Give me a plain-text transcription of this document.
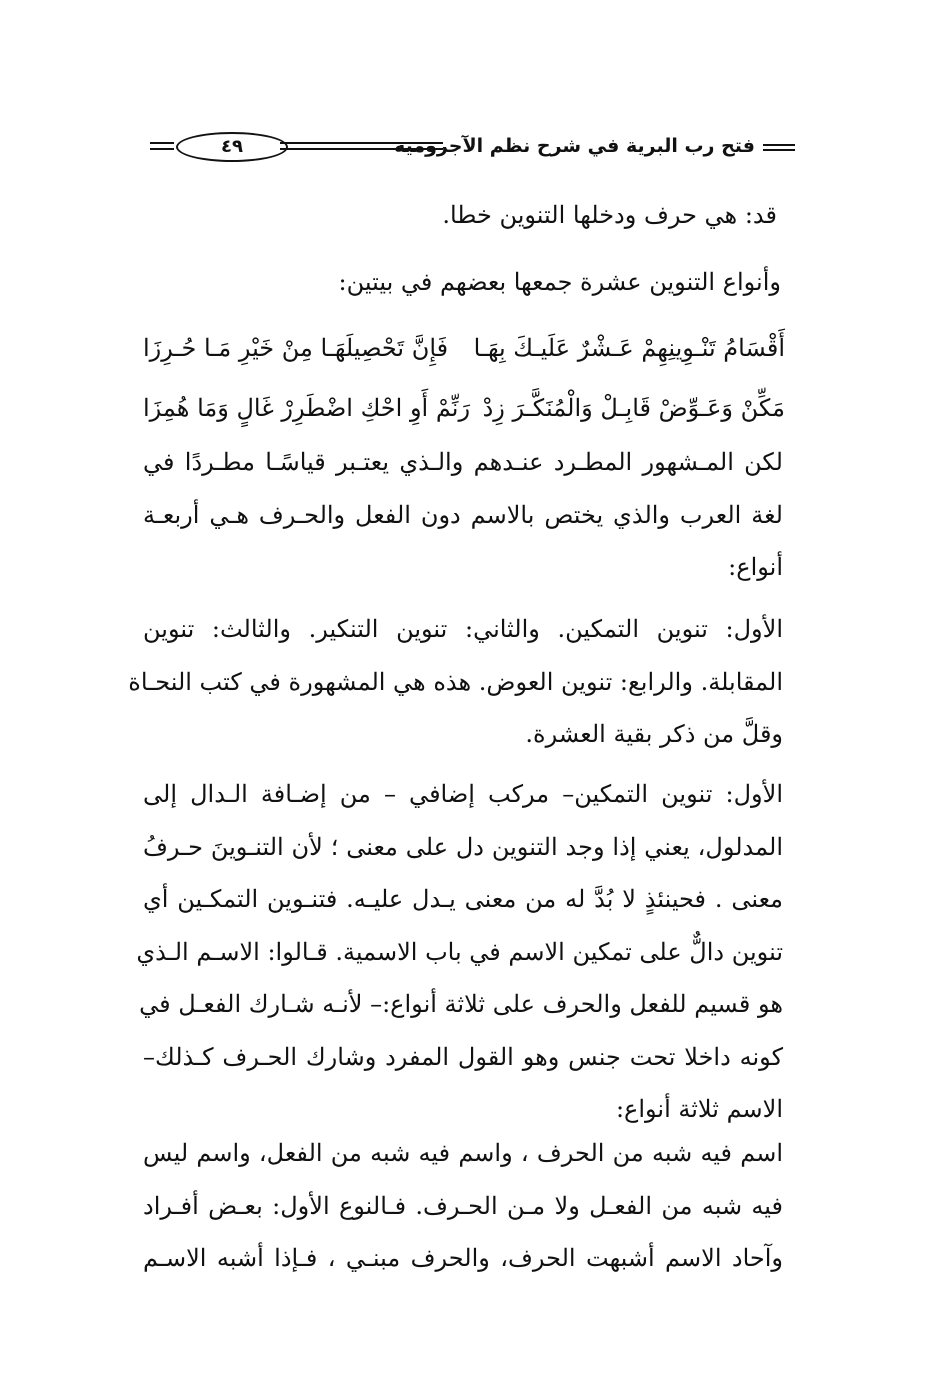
فتح رب البرية في شرح نظم الآجرومية
٤٩
قد: هي حرف ودخلها التنوين خطا.
وأنواع التنوين عشرة جمعها بعضهم في بيتين:
أَقْسَامُ تَنْـوِينِهِمْ عَـشْرٌ عَلَيـكَ بِهَـا
فَإِنَّ تَحْصِيلَهَـا مِنْ خَيْرِ مَـا حُـرِزَا
مَكِّنْ وَعَـوِّضْ قَابِـلْ وَالْمُنَكَّـرَ زِدْ
رَنِّمْ أَوِ احْكِ اضْطَرِرْ غَالٍ وَمَا هُمِزَا
لكن المـشهور المطـرد عنـدهم والـذي يعتـبر قياسًـا مطـردًا في
لغة العرب والذي يختص بالاسم دون الفعل والحـرف هـي أربعـة
أنواع:
الأول: تنوين التمكين. والثاني: تنوين التنكير. والثالث: تنوين
المقابلة. والرابع: تنوين العوض. هذه هي المشهورة في كتب النحـاة
وقلَّ من ذكر بقية العشرة.
الأول: تنوين التمكين– مركب إضافي – من إضـافة الـدال إلى
المدلول، يعني إذا وجد التنوين دل على معنى ؛ لأن التنـوينَ حـرفُ
معنى . فحينئذٍ لا بُدَّ له من معنى يـدل عليـه. فتنـوين التمكـين أي
تنوين دالٌّ على تمكين الاسم في باب الاسمية. قـالوا: الاسـم الـذي
هو قسيم للفعل والحرف على ثلاثة أنواع:– لأنـه شـارك الفعـل في
كونه داخلا تحت جنس وهو القول المفرد وشارك الحـرف كـذلك–
الاسم ثلاثة أنواع:
اسم فيه شبه من الحرف ، واسم فيه شبه من الفعل، واسم ليس
فيه شبه من الفعـل ولا مـن الحـرف. فـالنوع الأول: بعـض أفـراد
وآحاد الاسم أشبهت الحرف، والحرف مبنـي ، فـإذا أشبه الاسـم
